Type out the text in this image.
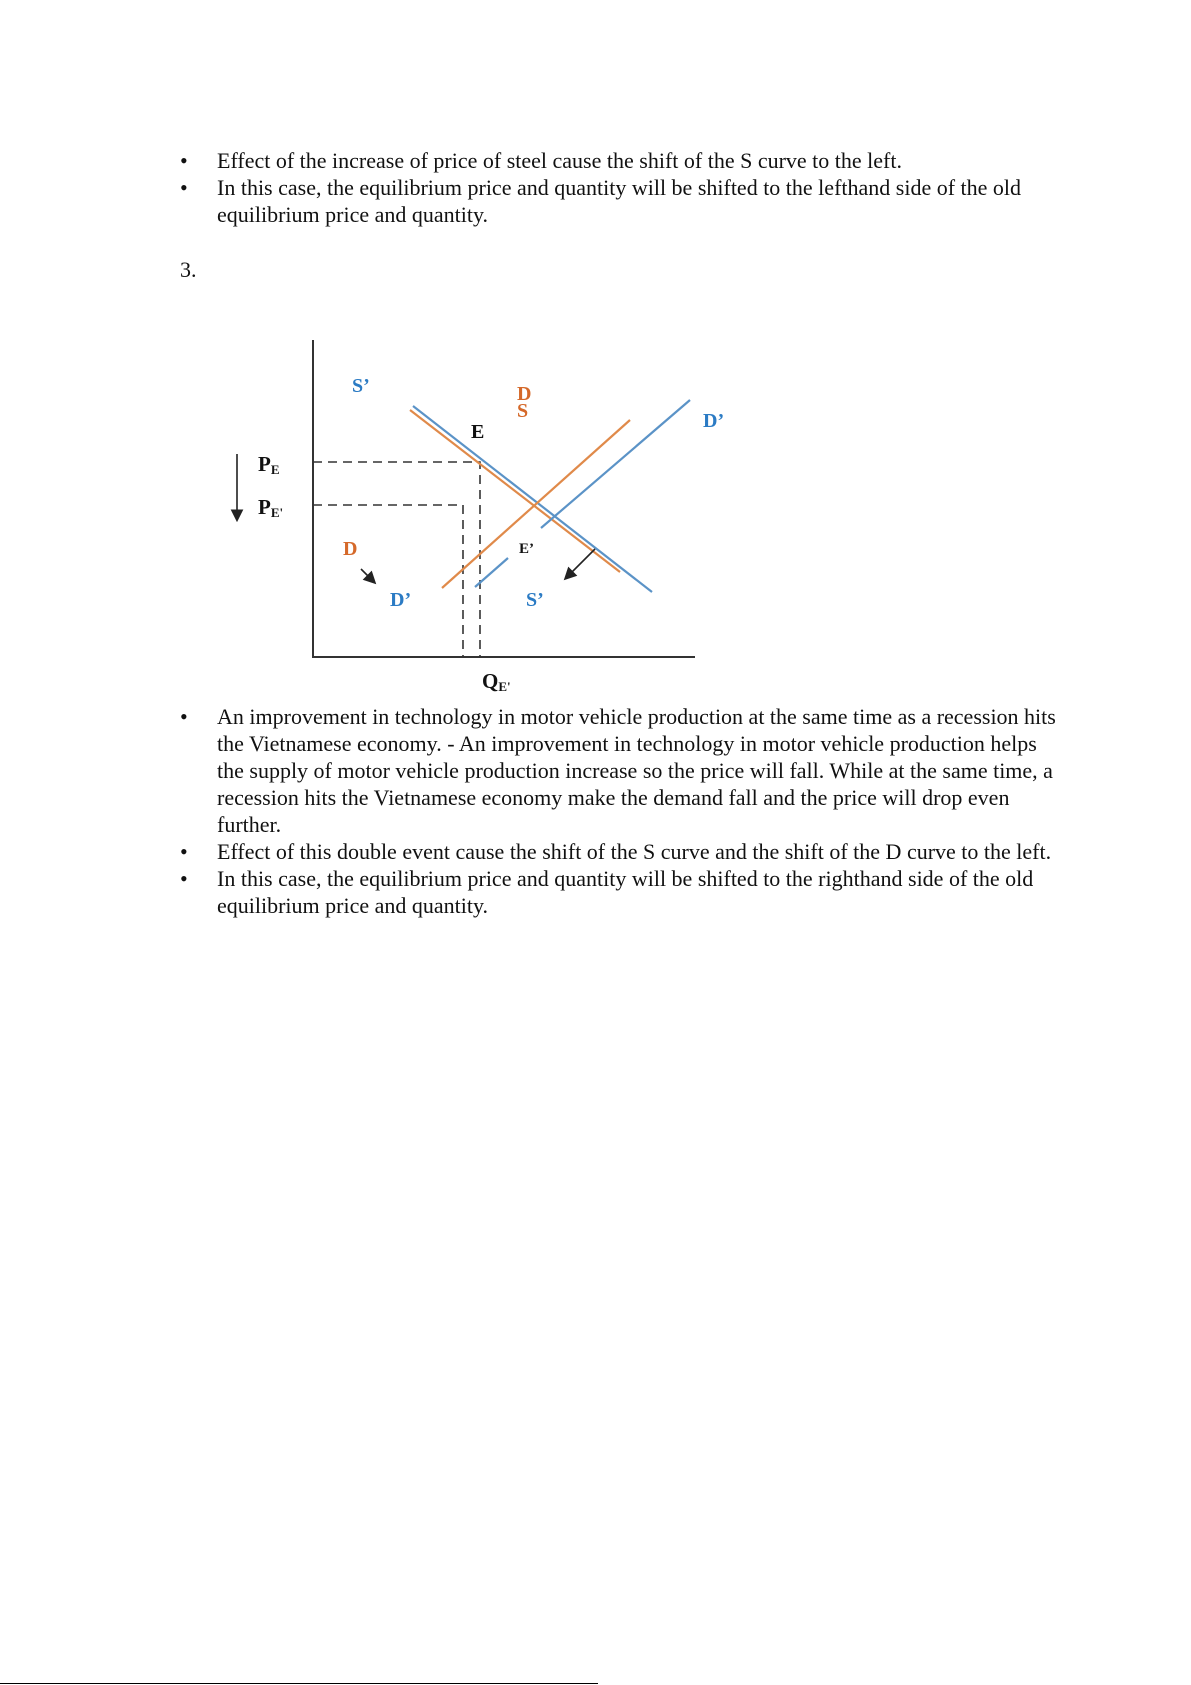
• Effect of the increase of price of steel cause the shift of the S curve to the left.
• In this case, the equilibrium price and quantity will be shifted to the lefthand side of the old equilibrium price and quantity.
3.
S’	D
S	D’
E
E’
PE
PE'
D
D’	S’
QE'
• An improvement in technology in motor vehicle production at the same time as a recession hits the Vietnamese economy. - An improvement in technology in motor vehicle production helps the supply of motor vehicle production increase so the price will fall. While at the same time, a recession hits the Vietnamese economy make the demand fall and the price will drop even further.
• Effect of this double event cause the shift of the S curve and the shift of the D curve to the left.
• In this case, the equilibrium price and quantity will be shifted to the righthand side of the old equilibrium price and quantity.
